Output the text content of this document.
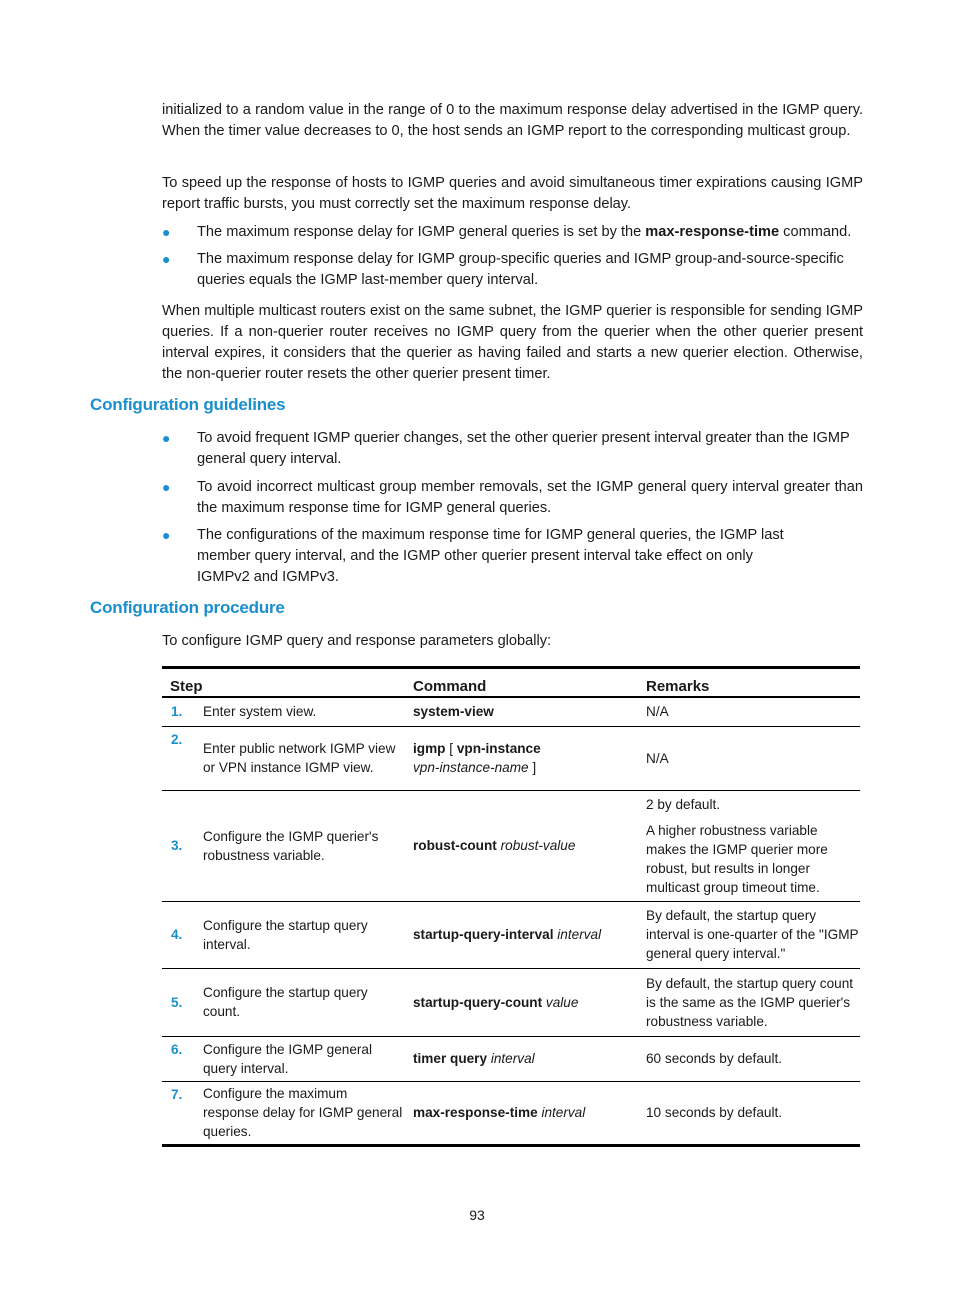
initialized to a random value in the range of 0 to the maximum response delay advertised in the IGMP query. When the timer value decreases to 0, the host sends an IGMP report to the corresponding multicast group.

To speed up the response of hosts to IGMP queries and avoid simultaneous timer expirations causing IGMP report traffic bursts, you must correctly set the maximum response delay.

● The maximum response delay for IGMP general queries is set by the max-response-time command.
● The maximum response delay for IGMP group-specific queries and IGMP group-and-source-specific queries equals the IGMP last-member query interval.

When multiple multicast routers exist on the same subnet, the IGMP querier is responsible for sending IGMP queries. If a non-querier router receives no IGMP query from the querier when the other querier present interval expires, it considers that the querier as having failed and starts a new querier election. Otherwise, the non-querier router resets the other querier present timer.

Configuration guidelines
● To avoid frequent IGMP querier changes, set the other querier present interval greater than the IGMP general query interval.
● To avoid incorrect multicast group member removals, set the IGMP general query interval greater than the maximum response time for IGMP general queries.
● The configurations of the maximum response time for IGMP general queries, the IGMP last member query interval, and the IGMP other querier present interval take effect on only IGMPv2 and IGMPv3.
Configuration procedure

To configure IGMP query and response parameters globally:

Step		Command	Remarks
1.	Enter system view.	system-view	N/A

2.	Enter public network IGMP view or VPN instance IGMP view.	igmp [ vpn-instance
vpn-instance-name ]	N/A

3.	Configure the IGMP querier's robustness variable.	robust-count robust-value	2 by default.

A higher robustness variable makes the IGMP querier more robust, but results in longer multicast group timeout time.

4.	Configure the startup query interval.	startup-query-interval interval	By default, the startup query interval is one-quarter of the "IGMP general query interval."

5.	Configure the startup query count.	startup-query-count value	By default, the startup query count is the same as the IGMP querier's robustness variable.

6.	Configure the IGMP general query interval.	timer query interval	60 seconds by default.

7.	Configure the maximum response delay for IGMP general queries.	max-response-time interval	10 seconds by default.

93
